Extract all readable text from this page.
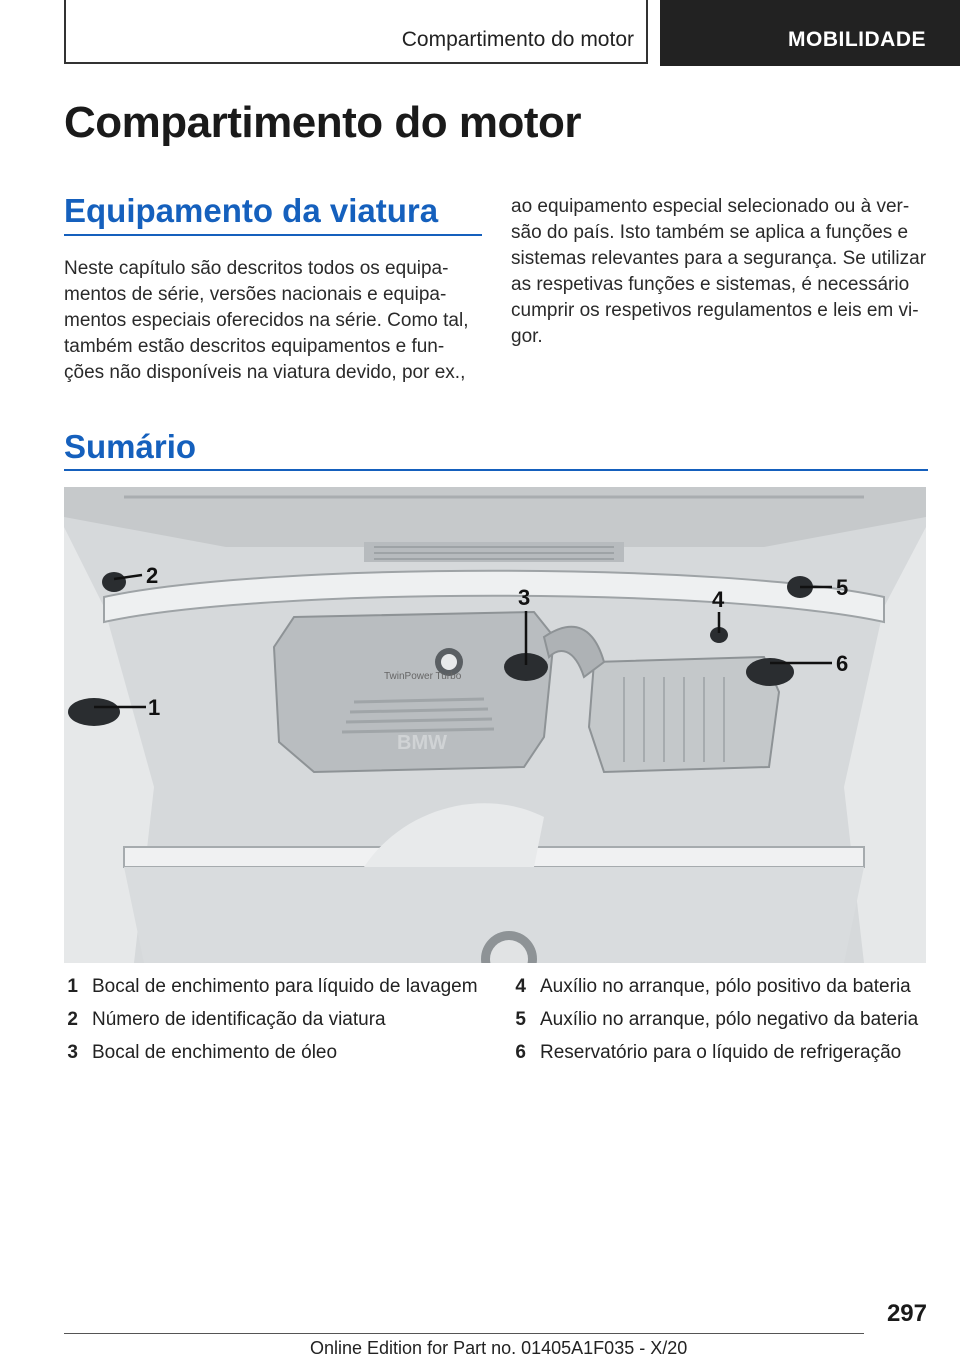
Compartimento do motor	MOBILIDADE
Compartimento do motor
Equipamento da viatura

Neste capítulo são descritos todos os equipa- mentos de série, versões nacionais e equipa- mentos especiais oferecidos na série. Como tal, também estão descritos equipamentos e fun- ções não disponíveis na viatura devido, por ex.,

ao equipamento especial selecionado ou à ver- são do país. Isto também se aplica a funções e sistemas relevantes para a segurança. Se utilizar as respetivas funções e sistemas, é necessário cumprir os respetivos regulamentos e leis em vi- gor.

Sumário
TwinPower Turbo
BMW
1
2
3	4	5
6
1 Bocal de enchimento para líquido de lavagem
2 Número de identificação da viatura
3 Bocal de enchimento de óleo
4 Auxílio no arranque, pólo positivo da bateria
5 Auxílio no arranque, pólo negativo da bateria
6 Reservatório para o líquido de refrigeração
297
Online Edition for Part no. 01405A1F035 - X/20
